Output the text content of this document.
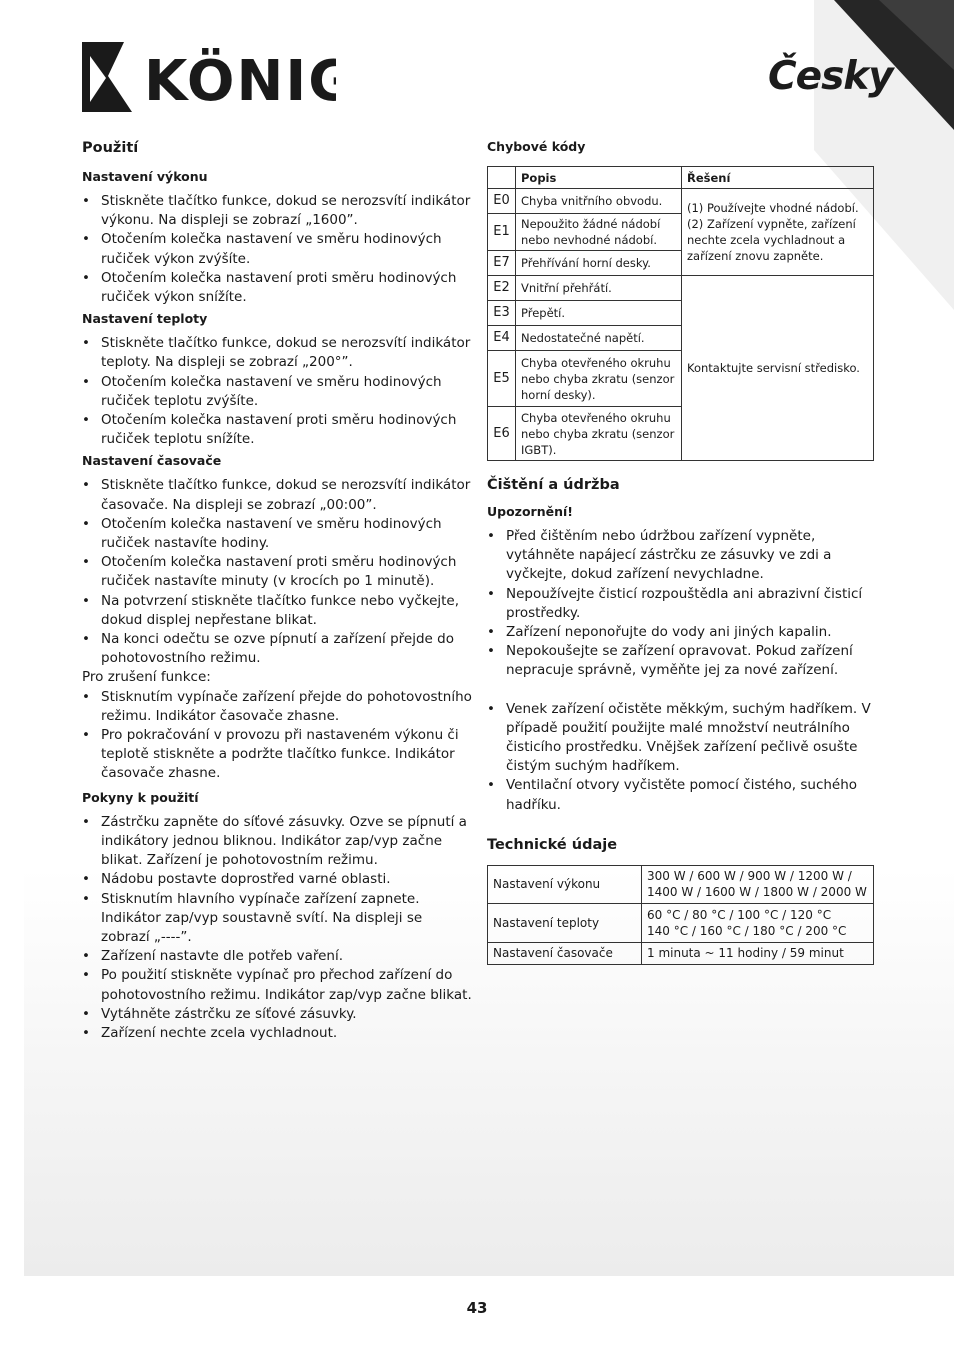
KÖNIG	Česky
Použití
Nastavení výkonu
• Stiskněte tlačítko funkce, dokud se nerozsvítí indikátor výkonu. Na displeji se zobrazí „1600”.
• Otočením kolečka nastavení ve směru hodinových ručiček výkon zvýšíte.
• Otočením kolečka nastavení proti směru hodinových ručiček výkon snížíte.
Nastavení teploty
• Stiskněte tlačítko funkce, dokud se nerozsvítí indikátor teploty. Na displeji se zobrazí „200°”.
• Otočením kolečka nastavení ve směru hodinových ručiček teplotu zvýšíte.
• Otočením kolečka nastavení proti směru hodinových ručiček teplotu snížíte.
Nastavení časovače
• Stiskněte tlačítko funkce, dokud se nerozsvítí indikátor časovače. Na displeji se zobrazí „00:00”.
• Otočením kolečka nastavení ve směru hodinových ručiček nastavíte hodiny.
• Otočením kolečka nastavení proti směru hodinových ručiček nastavíte minuty (v krocích po 1 minutě).
• Na potvrzení stiskněte tlačítko funkce nebo vyčkejte, dokud displej nepřestane blikat.
• Na konci odečtu se ozve pípnutí a zařízení přejde do pohotovostního režimu.

Pro zrušení funkce:

• Stisknutím vypínače zařízení přejde do pohotovostního režimu. Indikátor časovače zhasne.
• Pro pokračování v provozu při nastaveném výkonu či teplotě stiskněte a podržte tlačítko funkce. Indikátor časovače zhasne.
Pokyny k použití
• Zástrčku zapněte do síťové zásuvky. Ozve se pípnutí a indikátory jednou bliknou. Indikátor zap/vyp začne blikat. Zařízení je pohotovostním režimu.
• Nádobu postavte doprostřed varné oblasti.
• Stisknutím hlavního vypínače zařízení zapnete. Indikátor zap/vyp soustavně svítí. Na displeji se zobrazí „----”.
• Zařízení nastavte dle potřeb vaření.
• Po použití stiskněte vypínač pro přechod zařízení do pohotovostního režimu. Indikátor zap/vyp začne blikat.
• Vytáhněte zástrčku ze síťové zásuvky.
• Zařízení nechte zcela vychladnout.
Chybové kódy
	Popis	Řešení
E0	Chyba vnitřního obvodu.	(1) Používejte vhodné nádobí. (2) Zařízení vypněte, zařízení nechte zcela vychladnout a zařízení znovu zapněte.
E1	Nepoužito žádné nádobí nebo nevhodné nádobí.	
E7	Přehřívání horní desky.	
E2	Vnitřní přehřátí.	Kontaktujte servisní středisko.
E3	Přepětí.	
E4	Nedostatečné napětí.	
E5	Chyba otevřeného okruhu nebo chyba zkratu (senzor horní desky).	
E6	Chyba otevřeného okruhu nebo chyba zkratu (senzor IGBT).	
Čištění a údržba
Upozornění!
• Před čištěním nebo údržbou zařízení vypněte, vytáhněte napájecí zástrčku ze zásuvky ve zdi a vyčkejte, dokud zařízení nevychladne.
• Nepoužívejte čisticí rozpouštědla ani abrazivní čisticí prostředky.
• Zařízení neponořujte do vody ani jiných kapalin.
• Nepokoušejte se zařízení opravovat. Pokud zařízení nepracuje správně, vyměňte jej za nové zařízení.
• Venek zařízení očistěte měkkým, suchým hadříkem. V případě použití použijte malé množství neutrálního čisticího prostředku. Vnějšek zařízení pečlivě osušte čistým suchým hadříkem.
• Ventilační otvory vyčistěte pomocí čistého, suchého hadříku.
Technické údaje
Nastavení výkonu	300 W / 600 W / 900 W / 1200 W /
1400 W / 1600 W / 1800 W / 2000 W

Nastavení teploty	60 °C / 80 °C / 100 °C / 120 °C
140 °C / 160 °C / 180 °C / 200 °C

Nastavení časovače	1 minuta ~ 11 hodiny / 59 minut
43
